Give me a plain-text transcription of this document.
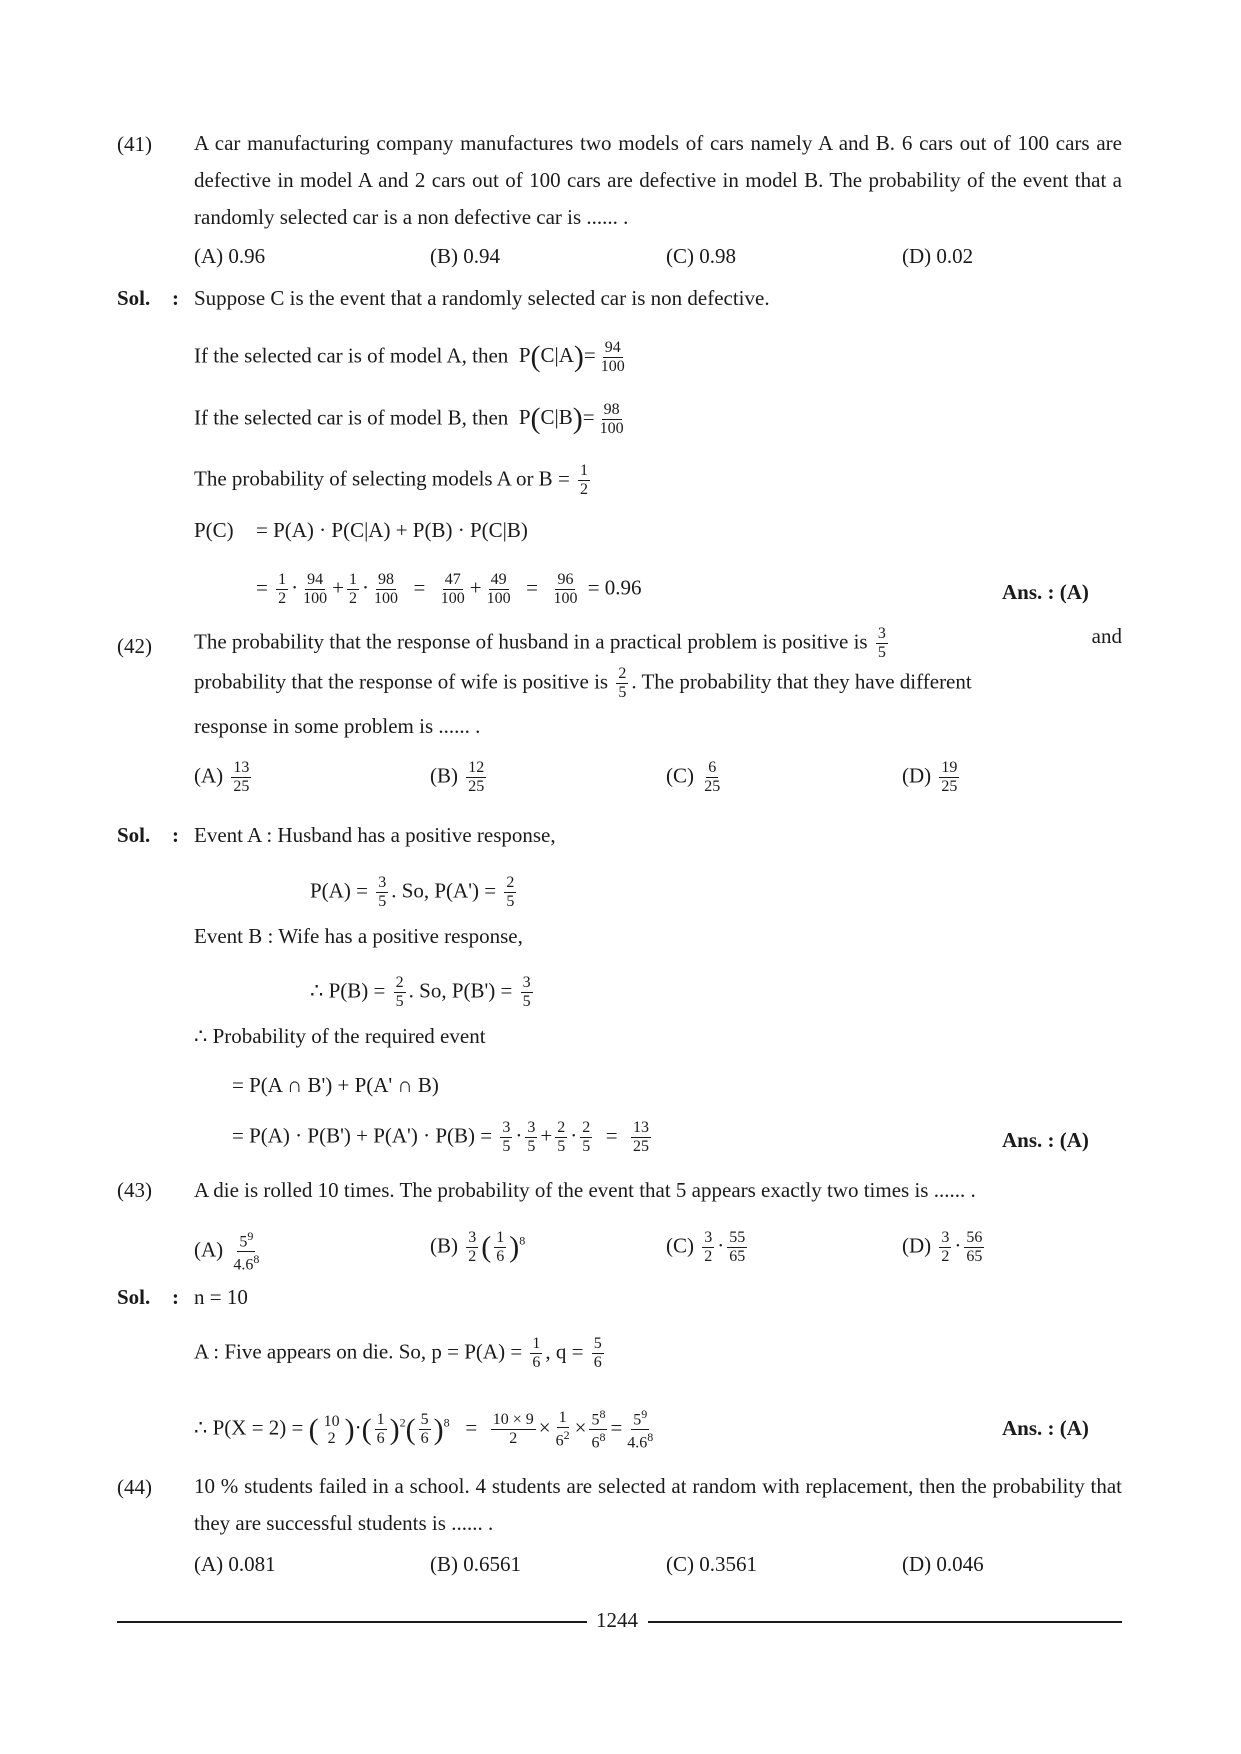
(41) A car manufacturing company manufactures two models of cars namely A and B. 6 cars out of 100 cars are defective in model A and 2 cars out of 100 cars are defective in model B. The probability of the event that a randomly selected car is a non defective car is ...... .
(A) 0.96	(B) 0.94	(C) 0.98	(D) 0.02
Sol. : Suppose C is the event that a randomly selected car is non defective.
If the selected car is of model A, then  $P(C|A)= \frac{94}{100}$
If the selected car is of model B, then  $P(C|B)= \frac{98}{100}$
The probability of selecting models A or $B = \frac{1}{2}$
P(C) = P(A) · P(C|A) + P(B) · P(C|B)
= $\frac{1}{2} \cdot \frac{94}{100} + \frac{1}{2} \cdot \frac{98}{100} = \frac{47}{100} + \frac{49}{100} = \frac{96}{100} = 0.96$	Ans. : (A)
(42) The probability that the response of husband in a practical problem is positive is $\frac{3}{5}$	and
probability that the response of wife is positive is $\frac{2}{5}$ . The probability that they have different
response in some problem is ...... .
$(A) \frac{13}{25}$	$(B) \frac{12}{25}$	$(C) \frac{6}{25}$	$(D) \frac{19}{25}$
Sol. : Event A : Husband has a positive response,
$P(A) = \frac{3}{5}$ . So, $P(A') = \frac{2}{5}$
Event B : Wife has a positive response,
∴ $P(B) = \frac{2}{5}$ . So, $P(B') = \frac{3}{5}$
∴ Probability of the required event
= P(A ∩ B') + P(A' ∩ B)
= $P(A) \cdot P(B') + P(A') \cdot P(B) = \frac{3}{5} \cdot \frac{3}{5} + \frac{2}{5} \cdot \frac{2}{5} = \frac{13}{25}$	Ans. : (A)
(43) A die is rolled 10 times. The probability of the event that 5 appears exactly two times is ...... .
$(A) \frac{5^9}{4.6^8}$	$(B) \frac{3}{2}$ ( $\frac{1}{6} )^8$	$(C) \frac{3}{2} \cdot \frac{55}{65}$	$(D) \frac{3}{2} \cdot \frac{56}{65}$
Sol. : n = 10
A : Five appears on die. So, $p = P(A) = \frac{1}{6}$ , $q = \frac{5}{6}$
∴ P(X = 2) = ( 10
2 )·( $\frac{1}{6} )^2( \frac{5}{6} )^8 = \frac{10 \times 9}{2} \times \frac{1}{6^2} \times \frac{5^8}{6^8} = \frac{5^9}{4.6^8}$	Ans. : (A)
(44) 10 % students failed in a school. 4 students are selected at random with replacement, then the probability that they are successful students is ...... .
(A) 0.081	(B) 0.6561	(C) 0.3561	(D) 0.046
1244
